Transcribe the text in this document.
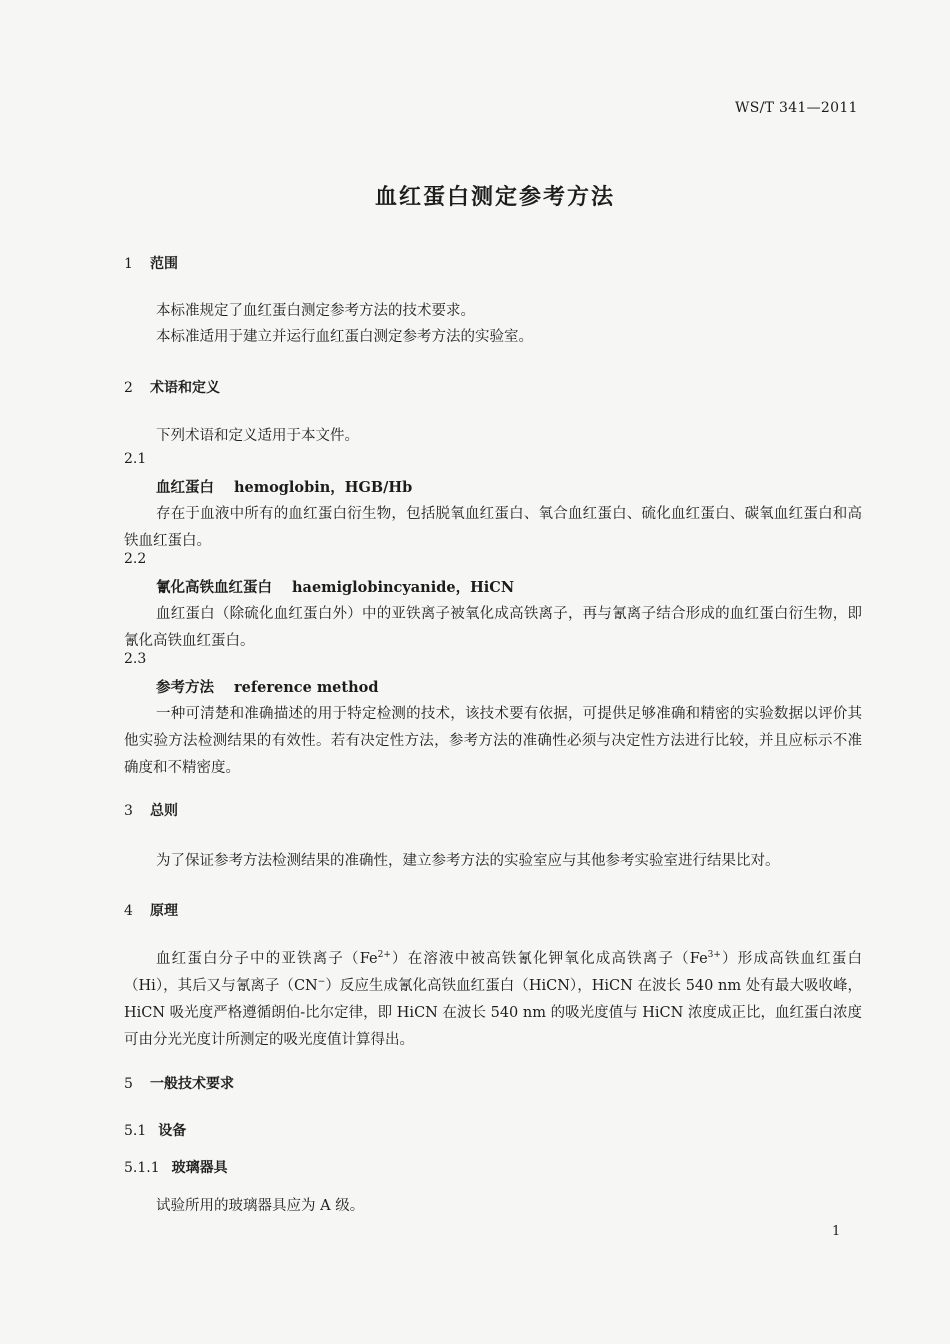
WS/T 341—2011
血红蛋白测定参考方法
1 范围
本标准规定了血红蛋白测定参考方法的技术要求。
本标准适用于建立并运行血红蛋白测定参考方法的实验室。
2 术语和定义
下列术语和定义适用于本文件。
2.1
血红蛋白 hemoglobin，HGB/Hb
存在于血液中所有的血红蛋白衍生物，包括脱氧血红蛋白、氧合血红蛋白、硫化血红蛋白、碳氧血红蛋白和高铁血红蛋白。
2.2
氰化高铁血红蛋白 haemiglobincyanide，HiCN
血红蛋白（除硫化血红蛋白外）中的亚铁离子被氧化成高铁离子，再与氰离子结合形成的血红蛋白衍生物，即氰化高铁血红蛋白。
2.3
参考方法 reference method
一种可清楚和准确描述的用于特定检测的技术，该技术要有依据，可提供足够准确和精密的实验数据以评价其他实验方法检测结果的有效性。若有决定性方法，参考方法的准确性必须与决定性方法进行比较，并且应标示不准确度和不精密度。
3 总则
为了保证参考方法检测结果的准确性，建立参考方法的实验室应与其他参考实验室进行结果比对。
4 原理
血红蛋白分子中的亚铁离子$(Fe^{2+})$在溶液中被高铁氰化钾氧化成高铁离子$(Fe^{3+})$形成高铁血红蛋白（Hi），其后又与氰离子（CN−）反应生成氰化高铁血红蛋白（HiCN），HiCN 在波长 540 nm 处有最大吸收峰，HiCN 吸光度严格遵循朗伯-比尔定律，即 HiCN 在波长 540 nm 的吸光度值与 HiCN 浓度成正比，血红蛋白浓度可由分光光度计所测定的吸光度值计算得出。
5 一般技术要求
5.1 设备
5.1.1 玻璃器具
试验所用的玻璃器具应为 A 级。
1
